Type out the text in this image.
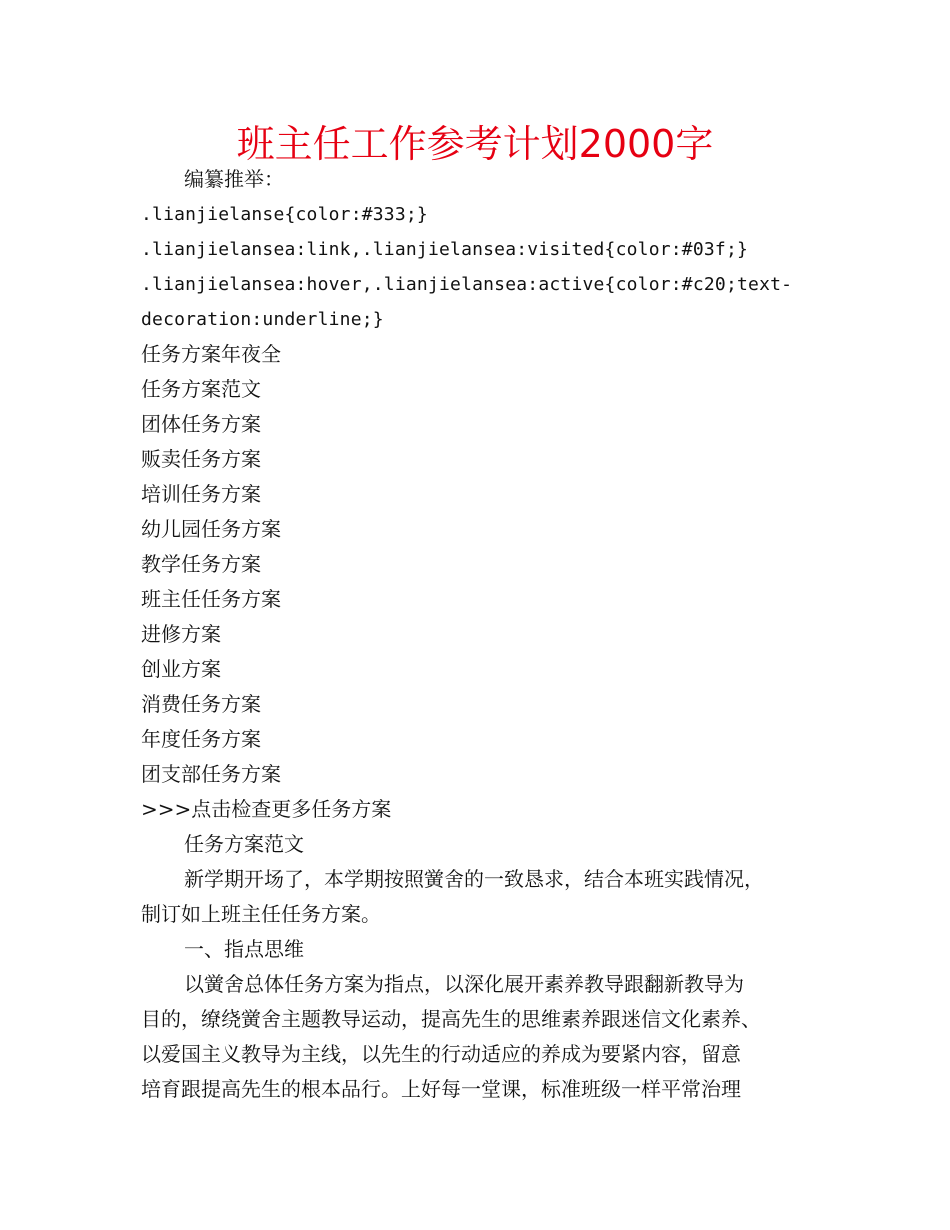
班主任工作参考计划2000字
编纂推举：
.lianjielanse{color:#333;}
.lianjielansea:link,.lianjielansea:visited{color:#03f;}
.lianjielansea:hover,.lianjielansea:active{color:#c20;text-
decoration:underline;}
任务方案年夜全
任务方案范文
团体任务方案
贩卖任务方案
培训任务方案
幼儿园任务方案
教学任务方案
班主任任务方案
进修方案
创业方案
消费任务方案
年度任务方案
团支部任务方案
>>>点击检查更多任务方案
任务方案范文
新学期开场了，本学期按照黉舍的一致恳求，结合本班实践情况，
制订如上班主任任务方案。
一、指点思维
以黉舍总体任务方案为指点，以深化展开素养教导跟翻新教导为
目的，缭绕黉舍主题教导运动，提高先生的思维素养跟迷信文化素养、
以爱国主义教导为主线，以先生的行动适应的养成为要紧内容，留意
培育跟提高先生的根本品行。上好每一堂课，标准班级一样平常治理
